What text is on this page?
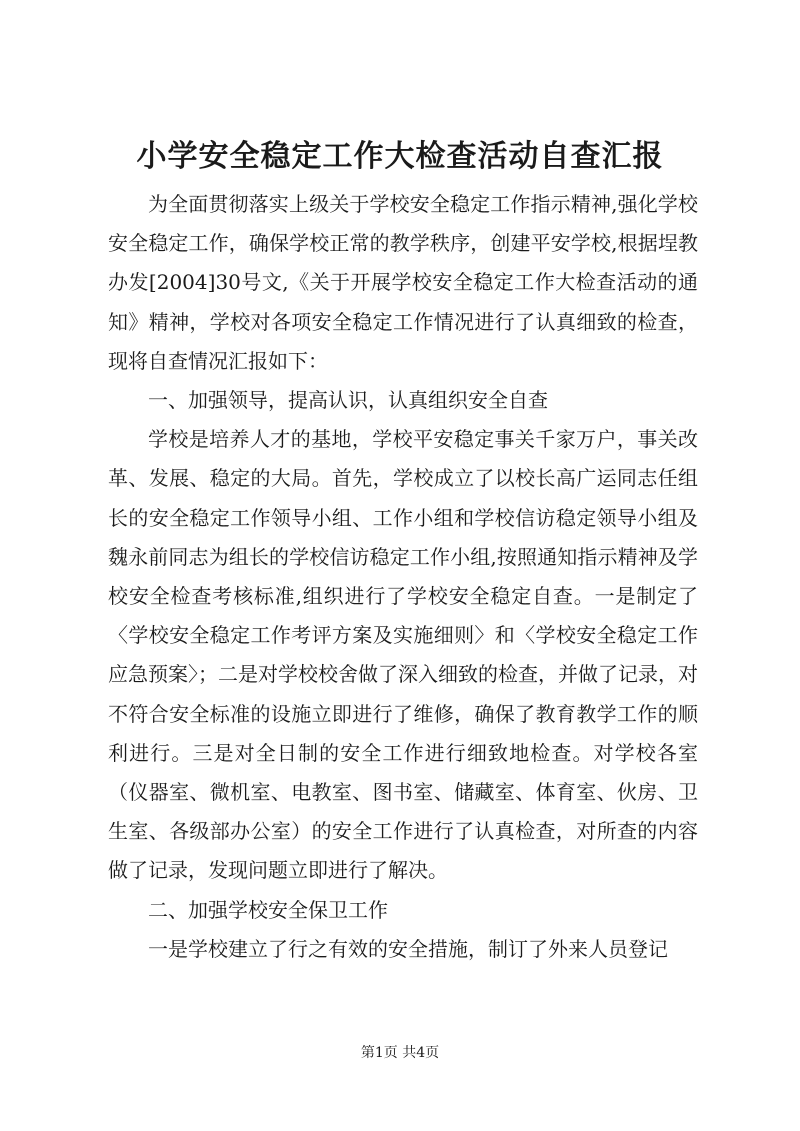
小学安全稳定工作大检查活动自查汇报

为全面贯彻落实上级关于学校安全稳定工作指示精神,强化学校安全稳定工作，确保学校正常的教学秩序，创建平安学校,根据埕教办发[2004]30号文,《关于开展学校安全稳定工作大检查活动的通知》精神，学校对各项安全稳定工作情况进行了认真细致的检查，现将自查情况汇报如下：

一、加强领导，提高认识，认真组织安全自查

学校是培养人才的基地，学校平安稳定事关千家万户，事关改革、发展、稳定的大局。首先，学校成立了以校长高广运同志任组长的安全稳定工作领导小组、工作小组和学校信访稳定领导小组及魏永前同志为组长的学校信访稳定工作小组,按照通知指示精神及学校安全检查考核标准,组织进行了学校安全稳定自查。一是制定了〈学校安全稳定工作考评方案及实施细则〉和〈学校安全稳定工作应急预案〉；二是对学校校舍做了深入细致的检查，并做了记录，对不符合安全标准的设施立即进行了维修，确保了教育教学工作的顺利进行。三是对全日制的安全工作进行细致地检查。对学校各室（仪器室、微机室、电教室、图书室、储藏室、体育室、伙房、卫生室、各级部办公室）的安全工作进行了认真检查，对所查的内容做了记录，发现问题立即进行了解决。

二、加强学校安全保卫工作

一是学校建立了行之有效的安全措施，制订了外来人员登记

第1页 共4页
